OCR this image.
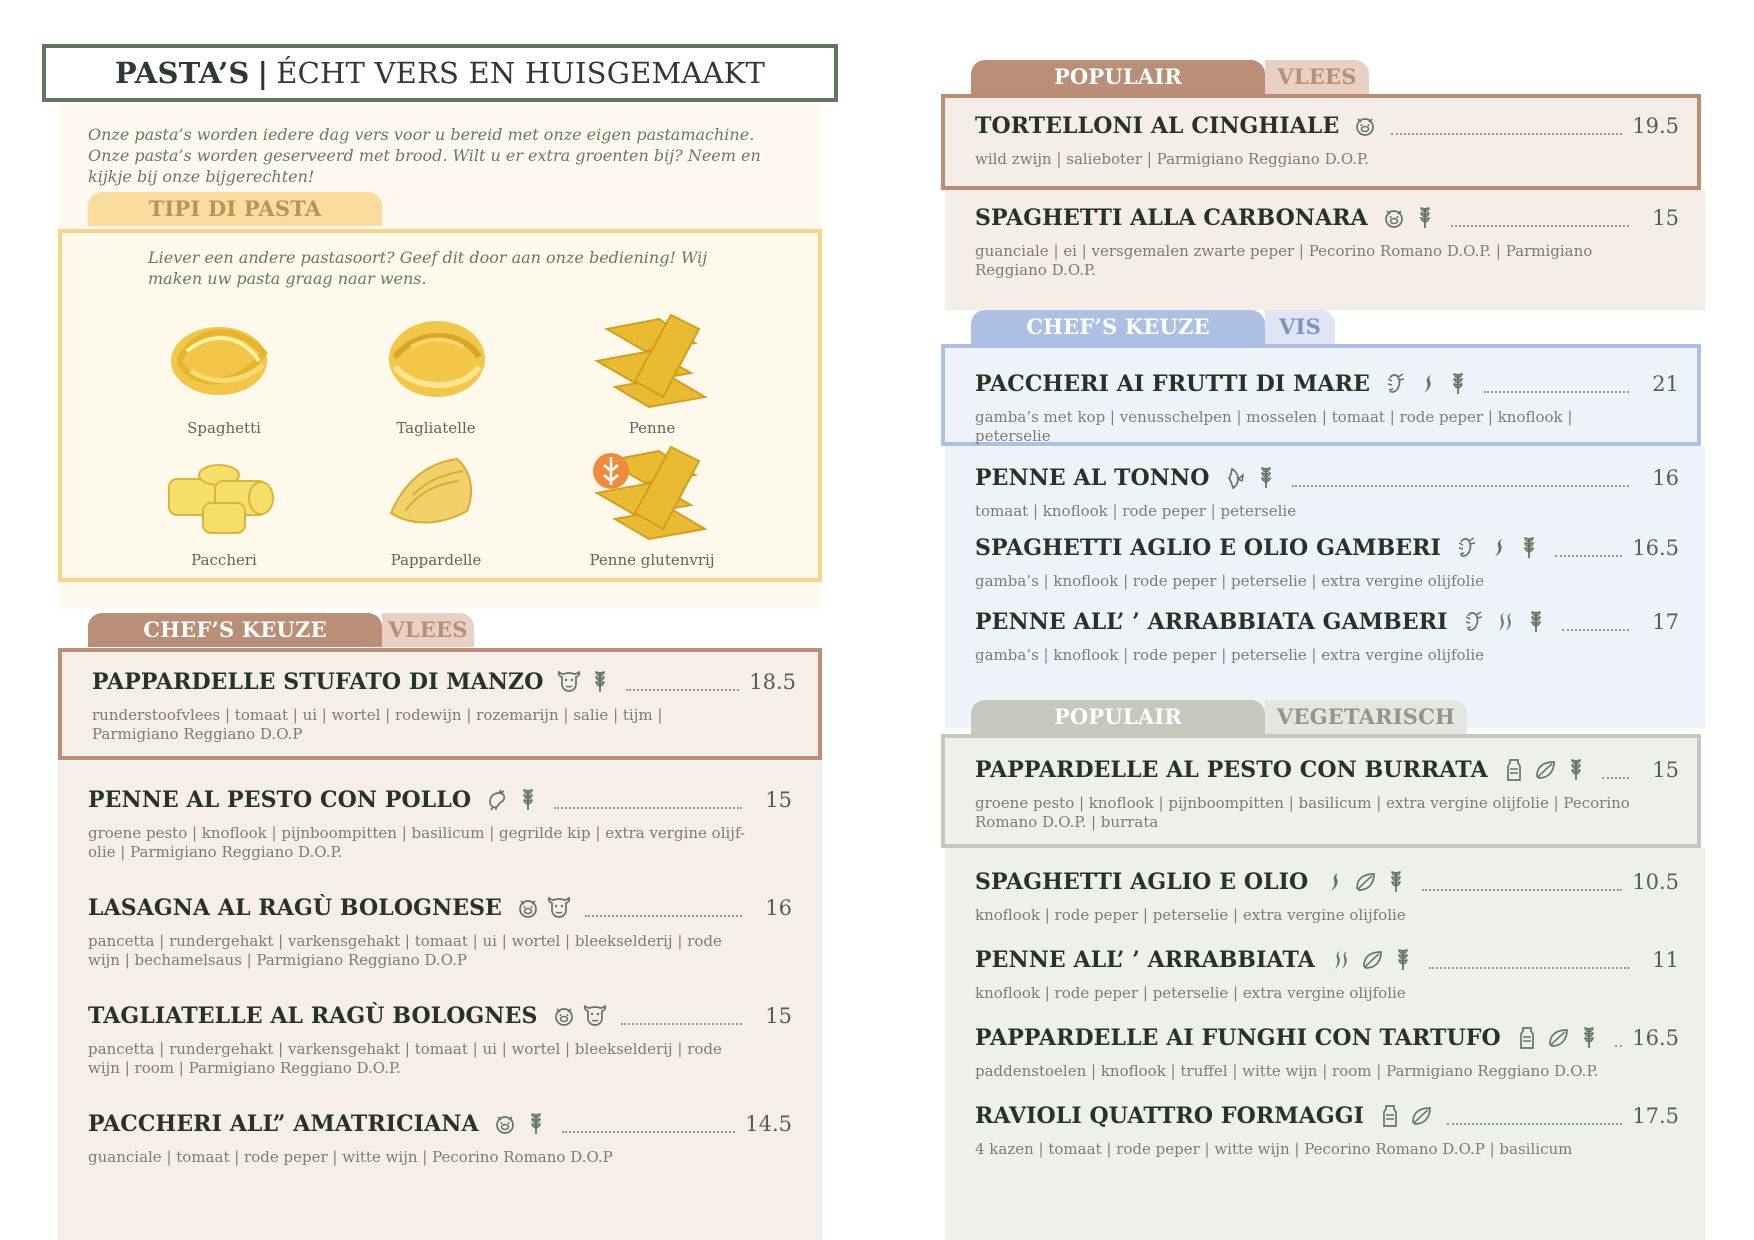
PASTA’S | ÉCHT VERS EN HUISGEMAAKT
Onze pasta’s worden iedere dag vers voor u bereid met onze eigen pastamachine. Onze pasta’s worden geserveerd met brood. Wilt u er extra groenten bij? Neem en kijkje bij onze bijgerechten!
TIPI DI PASTA
Liever een andere pastasoort? Geef dit door aan onze bediening! Wij maken uw pasta graag naar wens.
Spaghetti	Tagliatelle	Penne
Paccheri	Pappardelle	Penne glutenvrij
CHEF’S KEUZE	VLEES
PAPPARDELLE STUFATO DI MANZO	18.5
runderstoofvlees | tomaat | ui | wortel | rodewijn | rozemarijn | salie | tijm | Parmigiano Reggiano D.O.P
PENNE AL PESTO CON POLLO	15
groene pesto | knoflook | pijnboompitten | basilicum | gegrilde kip | extra vergine olijf-olie | Parmigiano Reggiano D.O.P.
LASAGNA AL RAGÙ BOLOGNESE	16
pancetta | rundergehakt | varkensgehakt | tomaat | ui | wortel | bleekselderij | rode wijn | bechamelsaus | Parmigiano Reggiano D.O.P
TAGLIATELLE AL RAGÙ BOLOGNES	15
pancetta | rundergehakt | varkensgehakt | tomaat | ui | wortel | bleekselderij | rode wijn | room | Parmigiano Reggiano D.O.P.
PACCHERI ALL” AMATRICIANA	14.5
guanciale | tomaat | rode peper | witte wijn | Pecorino Romano D.O.P
POPULAIR	VLEES
TORTELLONI AL CINGHIALE	19.5
wild zwijn | salieboter | Parmigiano Reggiano D.O.P.
SPAGHETTI ALLA CARBONARA	15
guanciale | ei | versgemalen zwarte peper | Pecorino Romano D.O.P. | Parmigiano Reggiano D.O.P.
CHEF’S KEUZE	VIS
PACCHERI AI FRUTTI DI MARE	21
gamba’s met kop | venusschelpen | mosselen | tomaat | rode peper | knoflook | peterselie
PENNE AL TONNO	16
tomaat | knoflook | rode peper | peterselie
SPAGHETTI AGLIO E OLIO GAMBERI	16.5
gamba’s | knoflook | rode peper | peterselie | extra vergine olijfolie
PENNE ALL’ ’ ARRABBIATA GAMBERI	17
gamba’s | knoflook | rode peper | peterselie | extra vergine olijfolie
POPULAIR	VEGETARISCH
PAPPARDELLE AL PESTO CON BURRATA	15
groene pesto | knoflook | pijnboompitten | basilicum | extra vergine olijfolie | Pecorino Romano D.O.P. | burrata
SPAGHETTI AGLIO E OLIO	10.5
knoflook | rode peper | peterselie | extra vergine olijfolie
PENNE ALL’ ’ ARRABBIATA	11
knoflook | rode peper | peterselie | extra vergine olijfolie
PAPPARDELLE AI FUNGHI CON TARTUFO	16.5
paddenstoelen | knoflook | truffel | witte wijn | room | Parmigiano Reggiano D.O.P.
RAVIOLI QUATTRO FORMAGGI	17.5
4 kazen | tomaat | rode peper | witte wijn | Pecorino Romano D.O.P | basilicum
